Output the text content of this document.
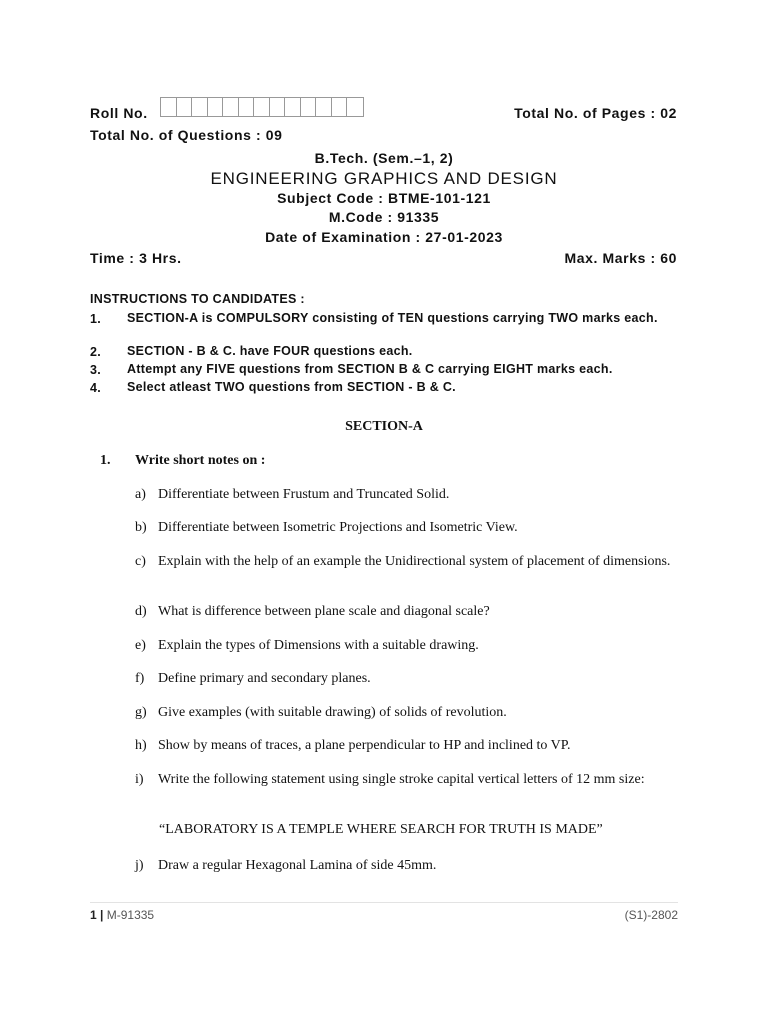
Roll No.	Total No. of Pages : 02
Total No. of Questions : 09
B.Tech. (Sem.–1, 2)
ENGINEERING GRAPHICS AND DESIGN
Subject Code : BTME-101-121
M.Code : 91335
Date of Examination : 27-01-2023
Time : 3 Hrs.	Max. Marks : 60
INSTRUCTIONS TO CANDIDATES :
1. SECTION-A is COMPULSORY consisting of TEN questions carrying TWO marks each.
2. SECTION - B & C. have FOUR questions each.
3. Attempt any FIVE questions from SECTION B & C carrying EIGHT marks each.
4. Select atleast TWO questions from SECTION - B & C.
SECTION-A
1. Write short notes on :
a) Differentiate between Frustum and Truncated Solid.
b) Differentiate between Isometric Projections and Isometric View.
c) Explain with the help of an example the Unidirectional system of placement of dimensions.
d) What is difference between plane scale and diagonal scale?
e) Explain the types of Dimensions with a suitable drawing.
f) Define primary and secondary planes.
g) Give examples (with suitable drawing) of solids of revolution.
h) Show by means of traces, a plane perpendicular to HP and inclined to VP.
i) Write the following statement using single stroke capital vertical letters of 12 mm size:
“LABORATORY IS A TEMPLE WHERE SEARCH FOR TRUTH IS MADE”
j) Draw a regular Hexagonal Lamina of side 45mm.
1 | M-91335	(S1)-2802
